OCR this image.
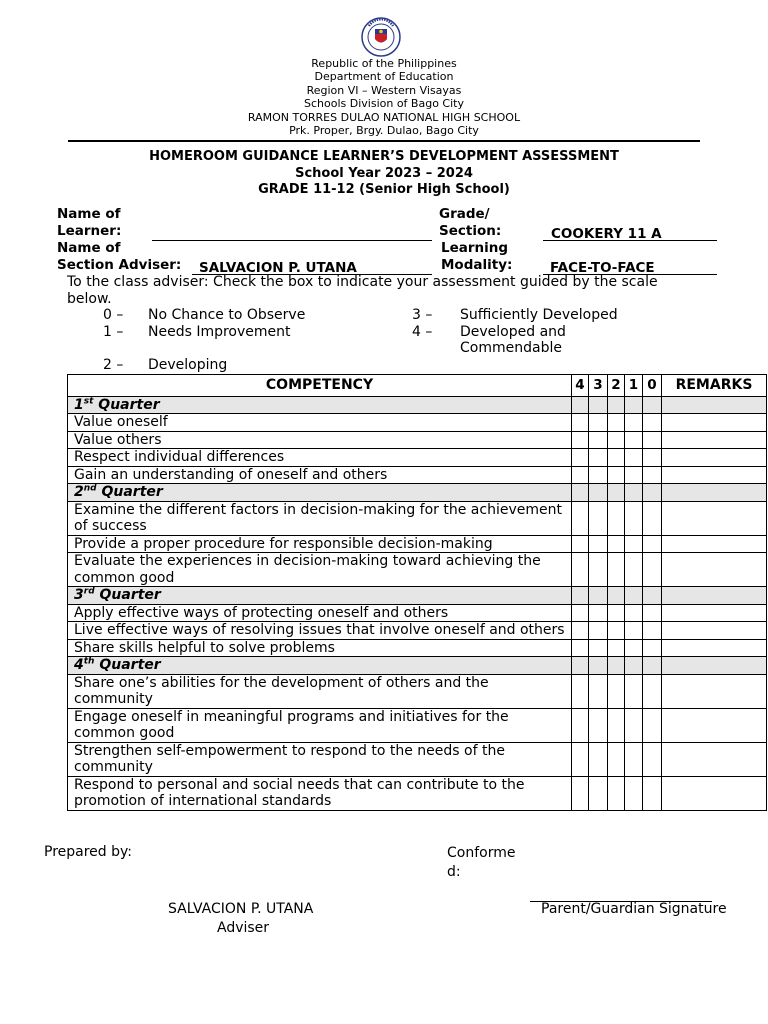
Republic of the Philippines
Department of Education
Region VI – Western Visayas
Schools Division of Bago City
RAMON TORRES DULAO NATIONAL HIGH SCHOOL
Prk. Proper, Brgy. Dulao, Bago City
HOMEROOM GUIDANCE LEARNER’S DEVELOPMENT ASSESSMENT
School Year 2023 – 2024
GRADE 11-12 (Senior High School)
Name of
Learner:
Grade/
Section:	COOKERY 11 A
Name of
Section Adviser:	SALVACION P. UTANA
Learning
Modality:	FACE-TO-FACE
To the class adviser: Check the box to indicate your assessment guided by the scale
below.
0 – No Chance to Observe
1 – Needs Improvement
2 – Developing
3 – Sufficiently Developed
4 – Developed and
Commendable
COMPETENCY	4	3	2	1	0	REMARKS
1st Quarter						
Value oneself						
Value others						
Respect individual differences						
Gain an understanding of oneself and others						
2nd Quarter						
Examine the different factors in decision-making for the achievement of success						
Provide a proper procedure for responsible decision-making						
Evaluate the experiences in decision-making toward achieving the common good						
3rd Quarter						
Apply effective ways of protecting oneself and others						
Live effective ways of resolving issues that involve oneself and others						
Share skills helpful to solve problems						
4th Quarter						
Share one’s abilities for the development of others and the community						
Engage oneself in meaningful programs and initiatives for the common good						
Strengthen self-empowerment to respond to the needs of the community						
Respond to personal and social needs that can contribute to the promotion of international standards						
Prepared by:	Conforme
d:
SALVACION P. UTANA
Adviser
Parent/Guardian Signature
